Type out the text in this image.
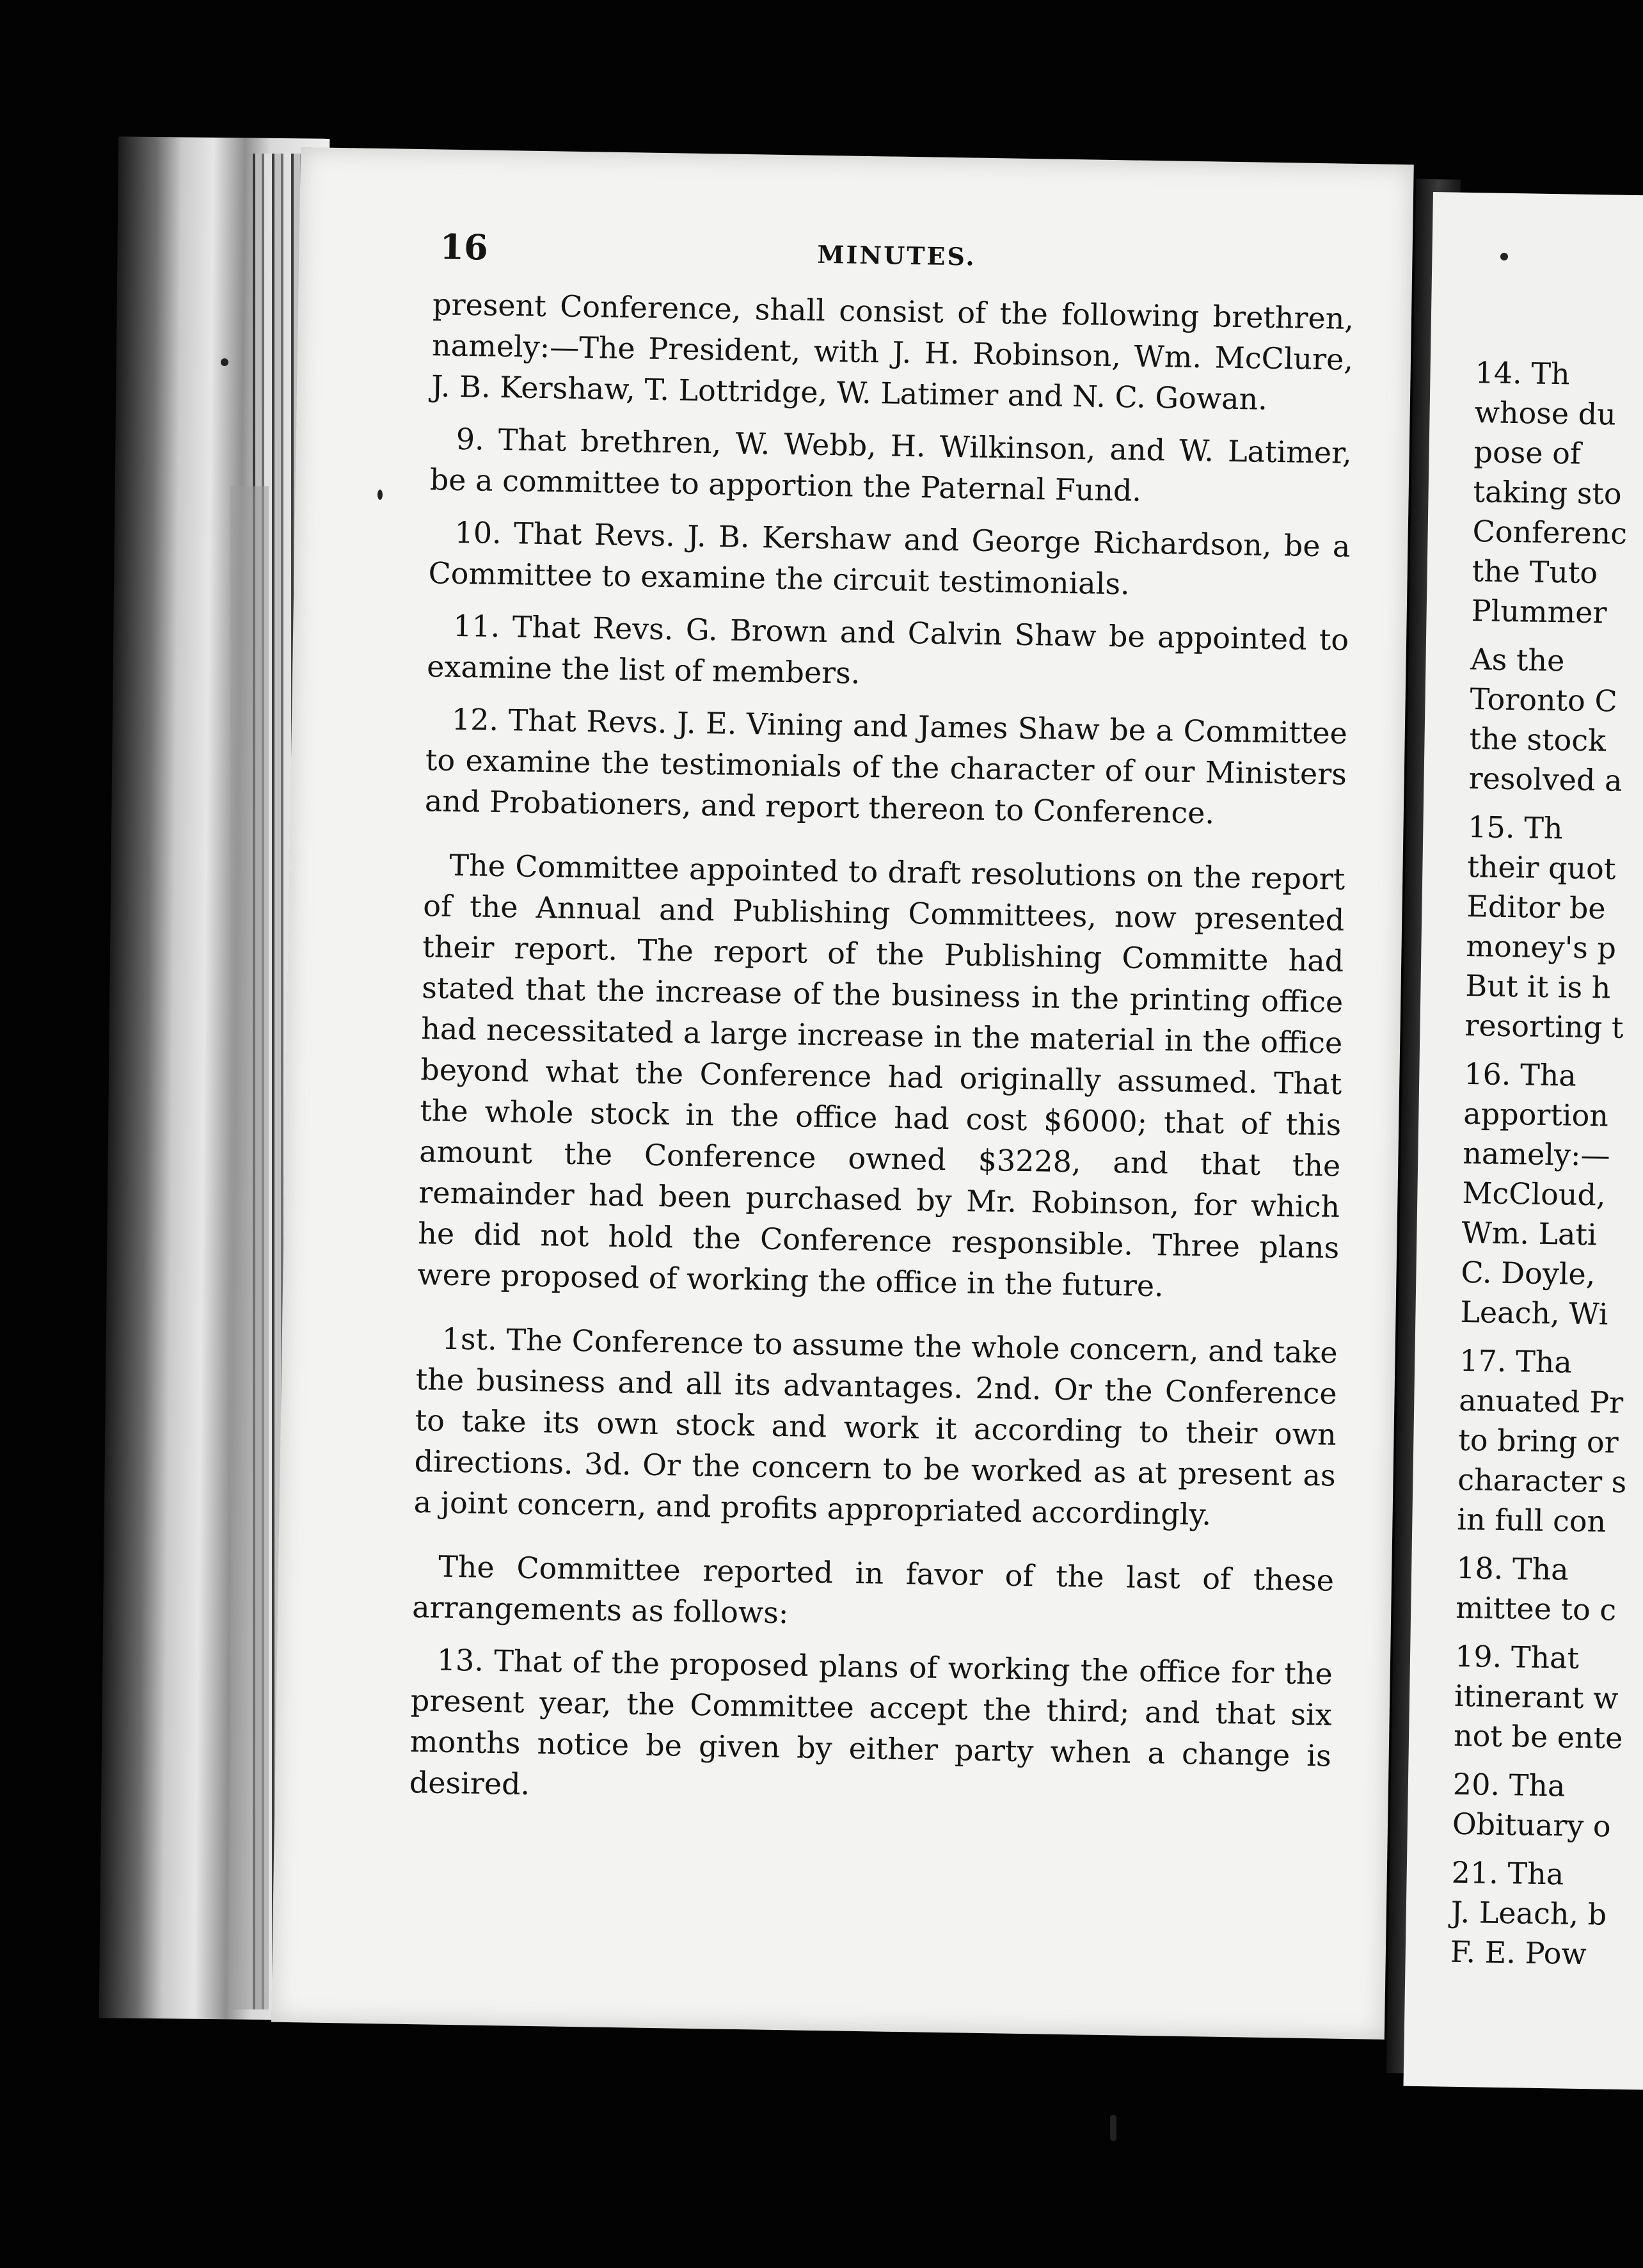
16	MINUTES.

present Conference, shall consist of the following brethren, namely:—The President, with J. H. Robinson, Wm. McClure, J. B. Kershaw, T. Lottridge, W. Latimer and N. C. Gowan.

9. That brethren, W. Webb, H. Wilkinson, and W. Latimer, be a committee to apportion the Paternal Fund.

10. That Revs. J. B. Kershaw and George Richardson, be a Committee to examine the circuit testimonials.

11. That Revs. G. Brown and Calvin Shaw be appointed to examine the list of members.

12. That Revs. J. E. Vining and James Shaw be a Committee to examine the testimonials of the character of our Ministers and Probationers, and report thereon to Conference.

The Committee appointed to draft resolutions on the report of the Annual and Publishing Committees, now presented their report. The report of the Publishing Committe had stated that the increase of the business in the printing office had necessitated a large increase in the material in the office beyond what the Conference had originally assumed. That the whole stock in the office had cost $6000; that of this amount the Conference owned $3228, and that the remainder had been purchased by Mr. Robinson, for which he did not hold the Conference responsible. Three plans were proposed of working the office in the future.

1st. The Conference to assume the whole concern, and take the business and all its advantages. 2nd. Or the Conference to take its own stock and work it according to their own directions. 3d. Or the concern to be worked as at present as a joint concern, and profits appropriated accordingly.

The Committee reported in favor of the last of these arrangements as follows:

13. That of the proposed plans of working the office for the present year, the Committee accept the third; and that six months notice be given by either party when a change is desired.

14. Th
whose du
pose of
taking sto
Conferenc
the Tuto
Plummer
As the
Toronto C
the stock
resolved a
15. Th
their quot
Editor be
money's p
But it is h
resorting t
16. Tha
apportion
namely:—
McCloud,
Wm. Lati
C. Doyle,
Leach, Wi
17. Tha
anuated Pr
to bring or
character s
in full con
18. Tha
mittee to c
19. That
itinerant w
not be ente
20. Tha
Obituary o
21. Tha
J. Leach, b
F. E. Pow
